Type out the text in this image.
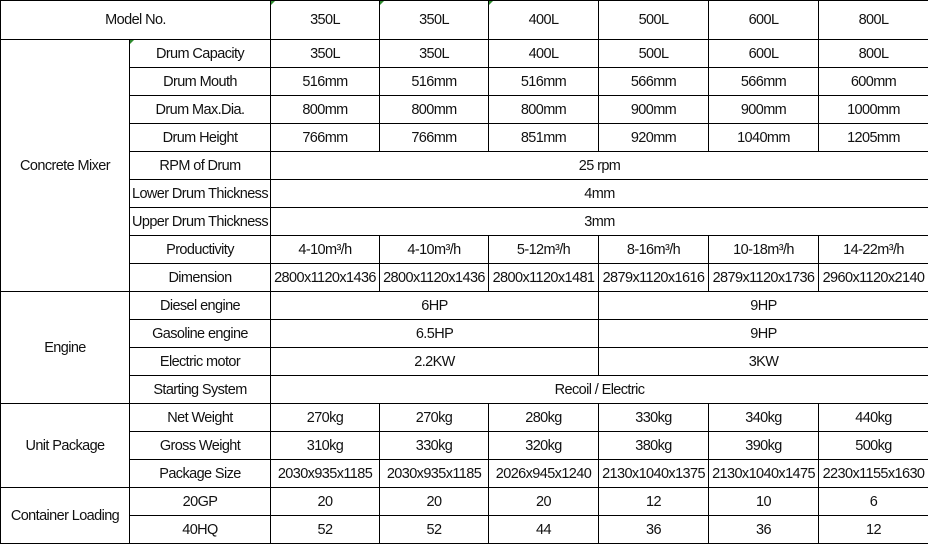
Model No.		350L	350L	400L	500L	600L	800L
Concrete Mixer	Drum Capacity	350L	350L	400L	500L	600L	800L
	Drum Mouth	516mm	516mm	516mm	566mm	566mm	600mm
	Drum Max.Dia.	800mm	800mm	800mm	900mm	900mm	1000mm
	Drum Height	766mm	766mm	851mm	920mm	1040mm	1205mm
	RPM of Drum	25 rpm					
	Lower Drum Thickness	4mm					
	Upper Drum Thickness	3mm					
	Productivity	4-10m³/h	4-10m³/h	5-12m³/h	8-16m³/h	10-18m³/h	14-22m³/h
	Dimension	2800x1120x1436	2800x1120x1436	2800x1120x1481	2879x1120x1616	2879x1120x1736	2960x1120x2140
Engine	Diesel engine	6HP			9HP		
	Gasoline engine	6.5HP			9HP		
	Electric motor	2.2KW			3KW		
	Starting System	Recoil / Electric					
Unit Package	Net Weight	270kg	270kg	280kg	330kg	340kg	440kg
	Gross Weight	310kg	330kg	320kg	380kg	390kg	500kg
	Package Size	2030x935x1185	2030x935x1185	2026x945x1240	2130x1040x1375	2130x1040x1475	2230x1155x1630
Container Loading	20GP	20	20	20	12	10	6
	40HQ	52	52	44	36	36	12
